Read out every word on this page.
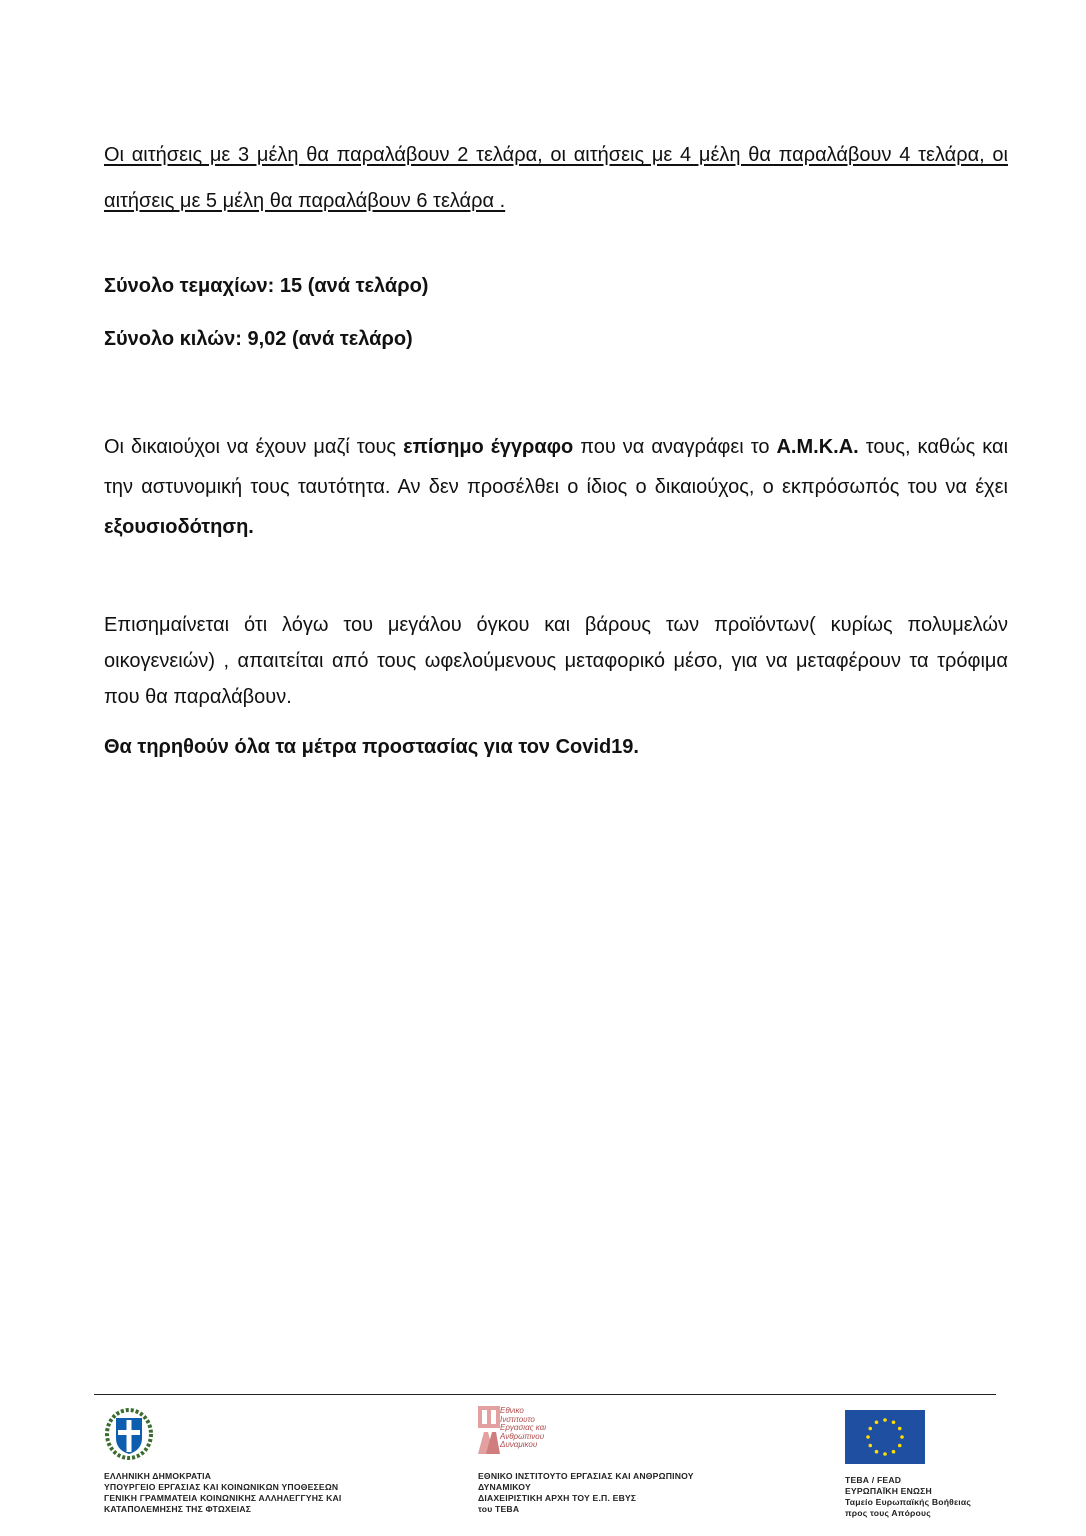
Οι αιτήσεις με 3 μέλη θα παραλάβουν 2 τελάρα, οι αιτήσεις με 4 μέλη θα παραλάβουν 4 τελάρα, οι αιτήσεις με 5 μέλη θα παραλάβουν 6 τελάρα .
Σύνολο τεμαχίων: 15 (ανά τελάρο)
Σύνολο κιλών: 9,02 (ανά τελάρο)
Οι δικαιούχοι να έχουν μαζί τους επίσημο έγγραφο που να αναγράφει το Α.Μ.Κ.Α. τους, καθώς και την αστυνομική τους ταυτότητα. Αν δεν προσέλθει ο ίδιος ο δικαιούχος, ο εκπρόσωπός του να έχει εξουσιοδότηση.
Επισημαίνεται ότι λόγω του μεγάλου όγκου και βάρους των προϊόντων( κυρίως πολυμελών οικογενειών) , απαιτείται από τους ωφελούμενους μεταφορικό μέσο, για να μεταφέρουν τα τρόφιμα που θα παραλάβουν.
Θα τηρηθούν όλα τα μέτρα προστασίας για τον Covid19.
ΕΛΛΗΝΙΚΗ ΔΗΜΟΚΡΑΤΙΑ
ΥΠΟΥΡΓΕΙΟ ΕΡΓΑΣΙΑΣ ΚΑΙ ΚΟΙΝΩΝΙΚΩΝ ΥΠΟΘΕΣΕΩΝ
ΓΕΝΙΚΗ ΓΡΑΜΜΑΤΕΙΑ ΚΟΙΝΩΝΙΚΗΣ ΑΛΛΗΛΕΓΓΥΗΣ ΚΑΙ
ΚΑΤΑΠΟΛΕΜΗΣΗΣ ΤΗΣ ΦΤΩΧΕΙΑΣ
Εθνικο
Ινστιτουτο
Εργασιας και
Ανθρωπινου
Δυναμικου
ΕΘΝΙΚΟ ΙΝΣΤΙΤΟΥΤΟ ΕΡΓΑΣΙΑΣ ΚΑΙ ΑΝΘΡΩΠΙΝΟΥ
ΔΥΝΑΜΙΚΟΥ
ΔΙΑΧΕΙΡΙΣΤΙΚΗ ΑΡΧΗ ΤΟΥ Ε.Π. ΕΒΥΣ
του ΤΕΒΑ
ΤΕΒΑ / FEAD
ΕΥΡΩΠΑΪΚΗ ΕΝΩΣΗ
Ταμείο Ευρωπαϊκής Βοήθειας
προς τους Απόρους
